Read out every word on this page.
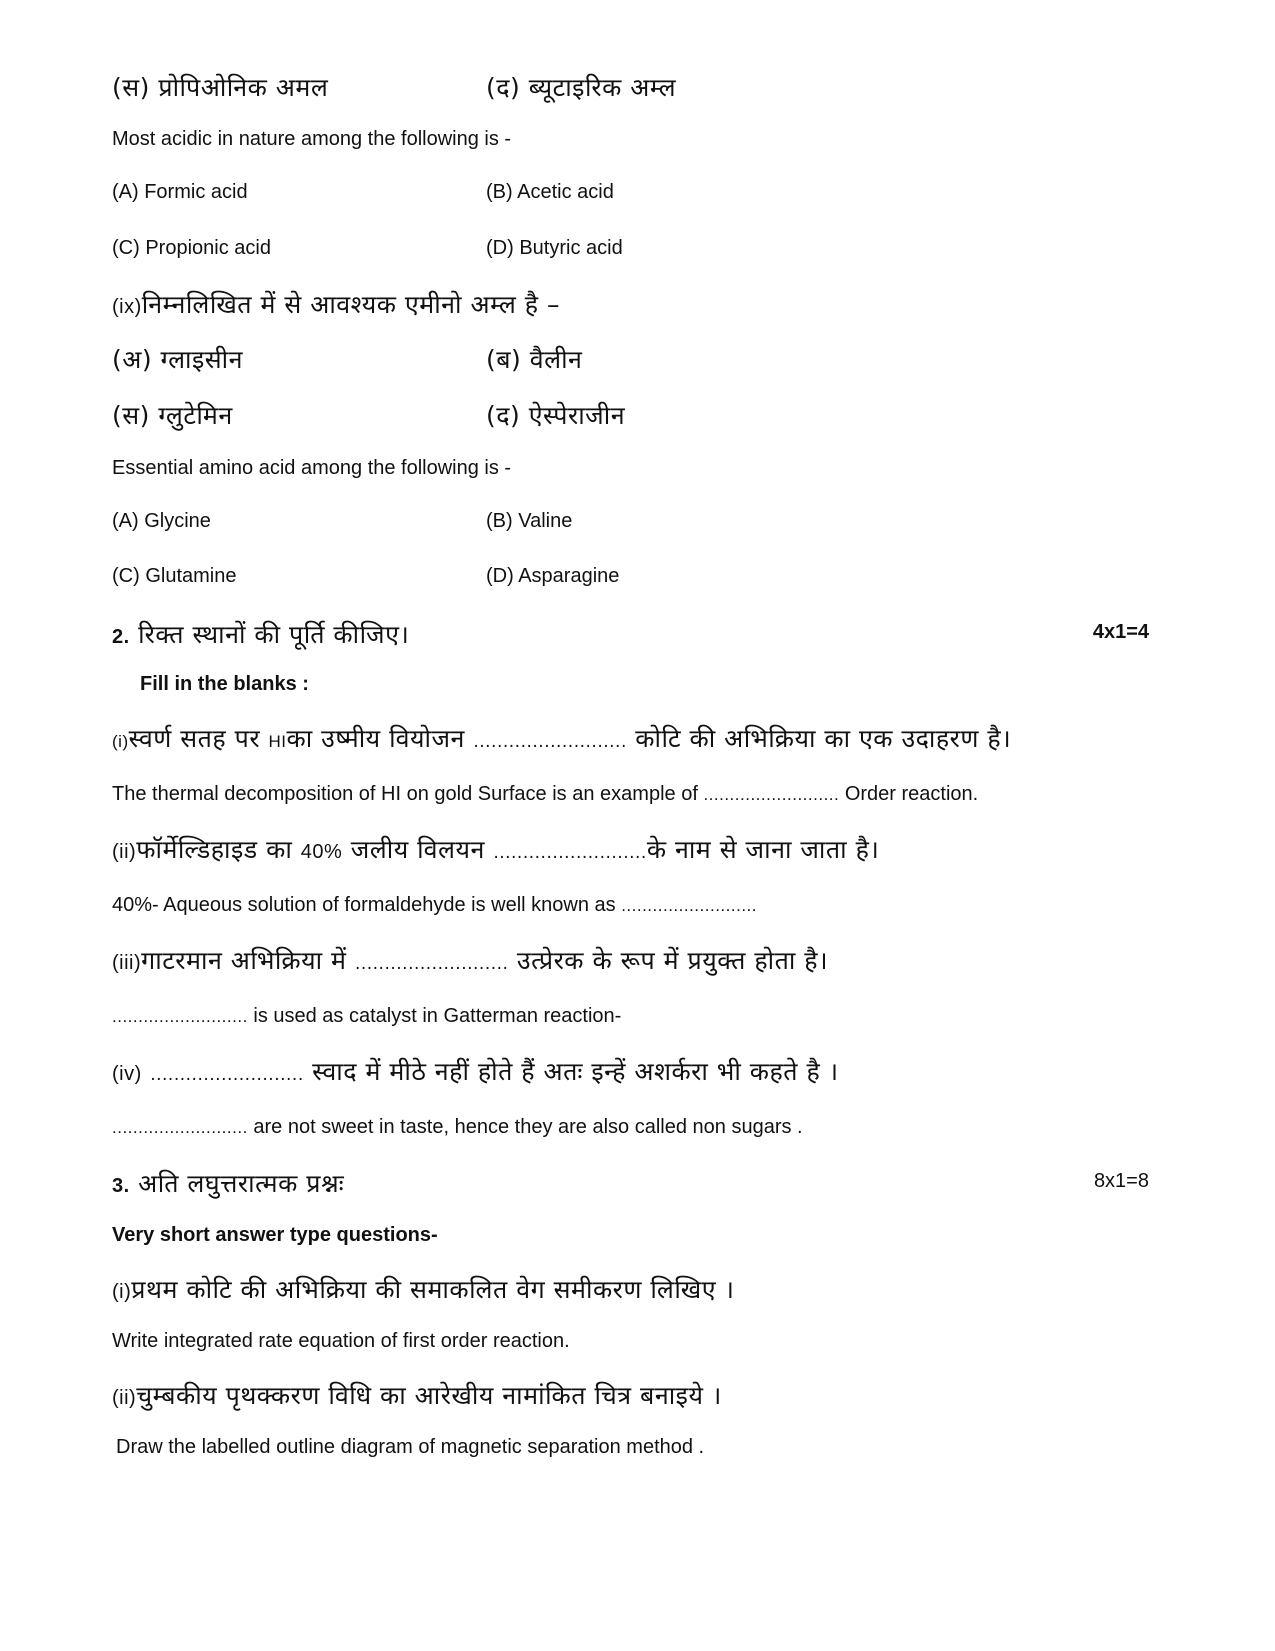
(स) प्रोपिओनिक अमल	(द) ब्यूटाइरिक अम्ल
Most acidic in nature among the following is -
(A) Formic acid	(B) Acetic acid
(C) Propionic acid	(D) Butyric acid
(ix)निम्नलिखित में से आवश्यक एमीनो अम्ल है –
(अ) ग्लाइसीन	(ब) वैलीन
(स) ग्लुटेमिन	(द) ऐस्पेराजीन
Essential amino acid among the following is -
(A) Glycine	(B) Valine
(C) Glutamine	(D) Asparagine
2. रिक्त स्थानों की पूर्ति कीजिए।	4x1=4
Fill in the blanks :
(i)स्वर्ण सतह पर HIका उष्मीय वियोजन .......................... कोटि की अभिक्रिया का एक उदाहरण है।
The thermal decomposition of HI on gold Surface is an example of .......................... Order reaction.
(ii)फॉर्मेल्डिहाइड का 40% जलीय विलयन ..........................के नाम से जाना जाता है।
40%- Aqueous solution of formaldehyde is well known as ..........................
(iii)गाटरमान अभिक्रिया में .......................... उत्प्रेरक के रूप में प्रयुक्त होता है।
.......................... is used as catalyst in Gatterman reaction-
(iv) .......................... स्वाद में मीठे नहीं होते हैं अतः इन्हें अशर्करा भी कहते है ।
.......................... are not sweet in taste, hence they are also called non sugars .
3. अति लघुत्तरात्मक प्रश्नः	8x1=8
Very short answer type questions-
(i)प्रथम कोटि की अभिक्रिया की समाकलित वेग समीकरण लिखिए ।
Write integrated rate equation of first order reaction.
(ii)चुम्बकीय पृथक्करण विधि का आरेखीय नामांकित चित्र बनाइये ।
Draw the labelled outline diagram of magnetic separation method .
